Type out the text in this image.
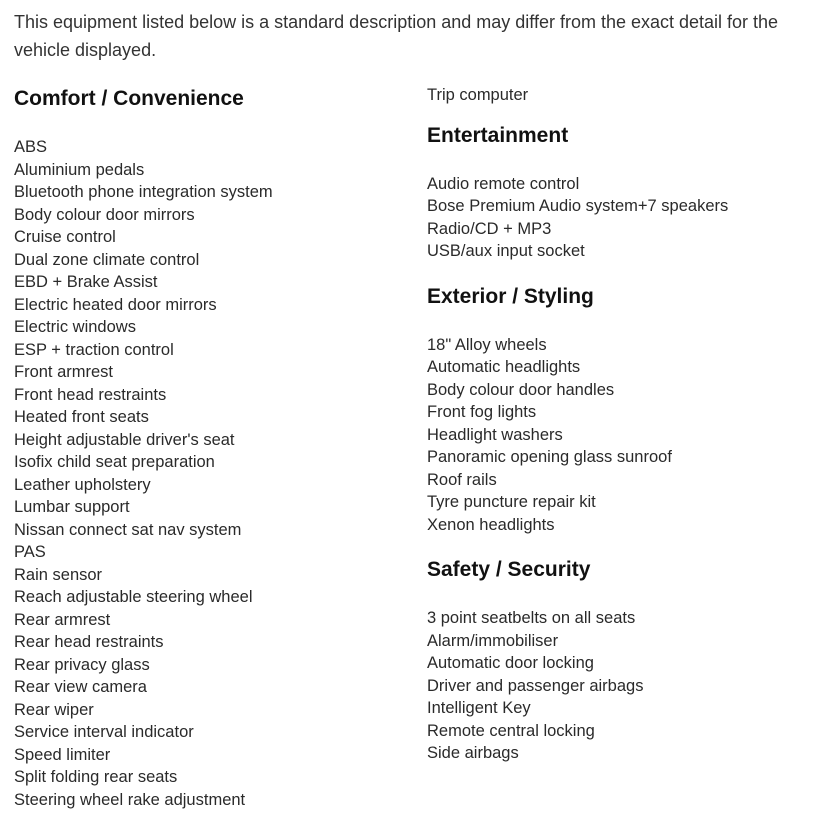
This equipment listed below is a standard description and may differ from the exact detail for the vehicle displayed.

Comfort / Convenience
ABS
Aluminium pedals
Bluetooth phone integration system
Body colour door mirrors
Cruise control
Dual zone climate control
EBD + Brake Assist
Electric heated door mirrors
Electric windows
ESP + traction control
Front armrest
Front head restraints
Heated front seats
Height adjustable driver's seat
Isofix child seat preparation
Leather upholstery
Lumbar support
Nissan connect sat nav system
PAS
Rain sensor
Reach adjustable steering wheel
Rear armrest
Rear head restraints
Rear privacy glass
Rear view camera
Rear wiper
Service interval indicator
Speed limiter
Split folding rear seats
Steering wheel rake adjustment
Trip computer
Entertainment
Audio remote control
Bose Premium Audio system+7 speakers
Radio/CD + MP3
USB/aux input socket
Exterior / Styling
18" Alloy wheels
Automatic headlights
Body colour door handles
Front fog lights
Headlight washers
Panoramic opening glass sunroof
Roof rails
Tyre puncture repair kit
Xenon headlights
Safety / Security
3 point seatbelts on all seats
Alarm/immobiliser
Automatic door locking
Driver and passenger airbags
Intelligent Key
Remote central locking
Side airbags
